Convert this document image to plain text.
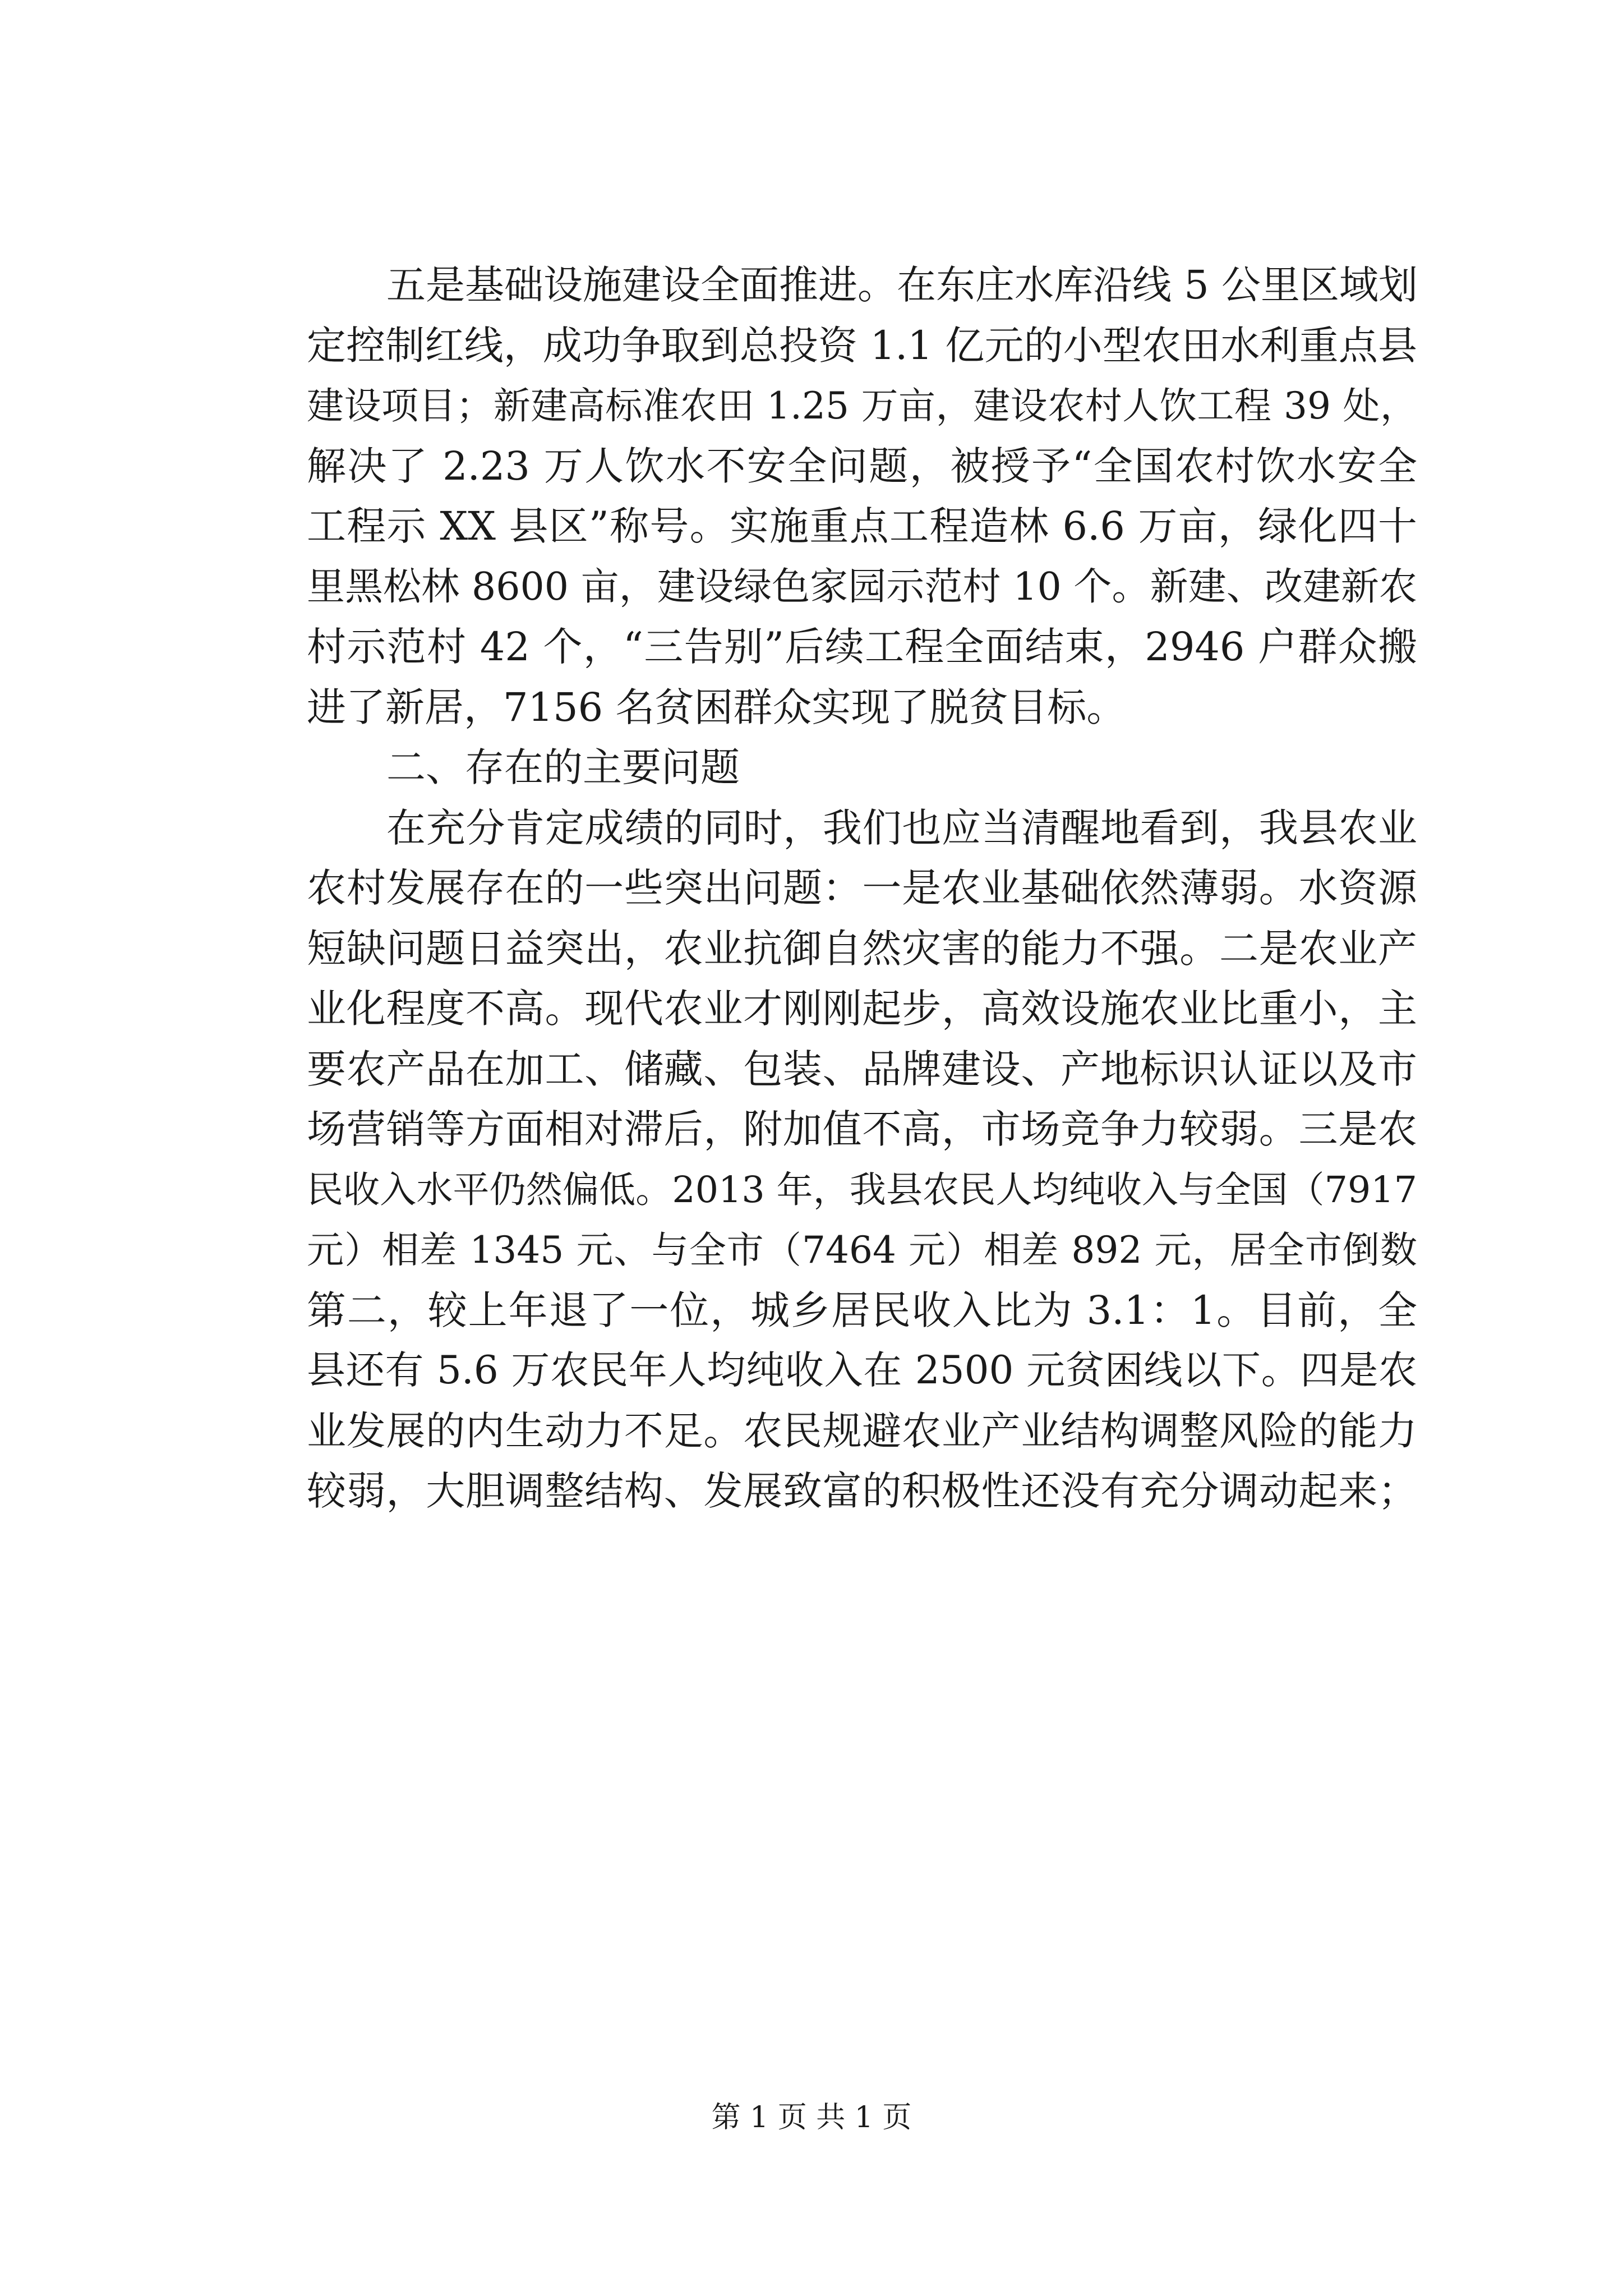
五是基础设施建设全面推进。在东庄水库沿线 5 公里区域划
定控制红线，成功争取到总投资 1.1 亿元的小型农田水利重点县
建设项目；新建高标准农田 1.25 万亩，建设农村人饮工程 39 处，
解决了 2.23 万人饮水不安全问题，被授予“全国农村饮水安全
工程示 XX 县区”称号。实施重点工程造林 6.6 万亩，绿化四十
里黑松林 8600 亩，建设绿色家园示范村 10 个。新建、改建新农
村示范村 42 个，“三告别”后续工程全面结束，2946 户群众搬
进了新居，7156 名贫困群众实现了脱贫目标。
二、存在的主要问题
在充分肯定成绩的同时，我们也应当清醒地看到，我县农业
农村发展存在的一些突出问题：一是农业基础依然薄弱。水资源
短缺问题日益突出，农业抗御自然灾害的能力不强。二是农业产
业化程度不高。现代农业才刚刚起步，高效设施农业比重小，主
要农产品在加工、储藏、包装、品牌建设、产地标识认证以及市
场营销等方面相对滞后，附加值不高，市场竞争力较弱。三是农
民收入水平仍然偏低。2013 年，我县农民人均纯收入与全国（7917
元）相差 1345 元、与全市（7464 元）相差 892 元，居全市倒数
第二，较上年退了一位，城乡居民收入比为 3.1：1。目前，全
县还有 5.6 万农民年人均纯收入在 2500 元贫困线以下。四是农
业发展的内生动力不足。农民规避农业产业结构调整风险的能力
较弱，大胆调整结构、发展致富的积极性还没有充分调动起来；
第 1 页 共 1 页
